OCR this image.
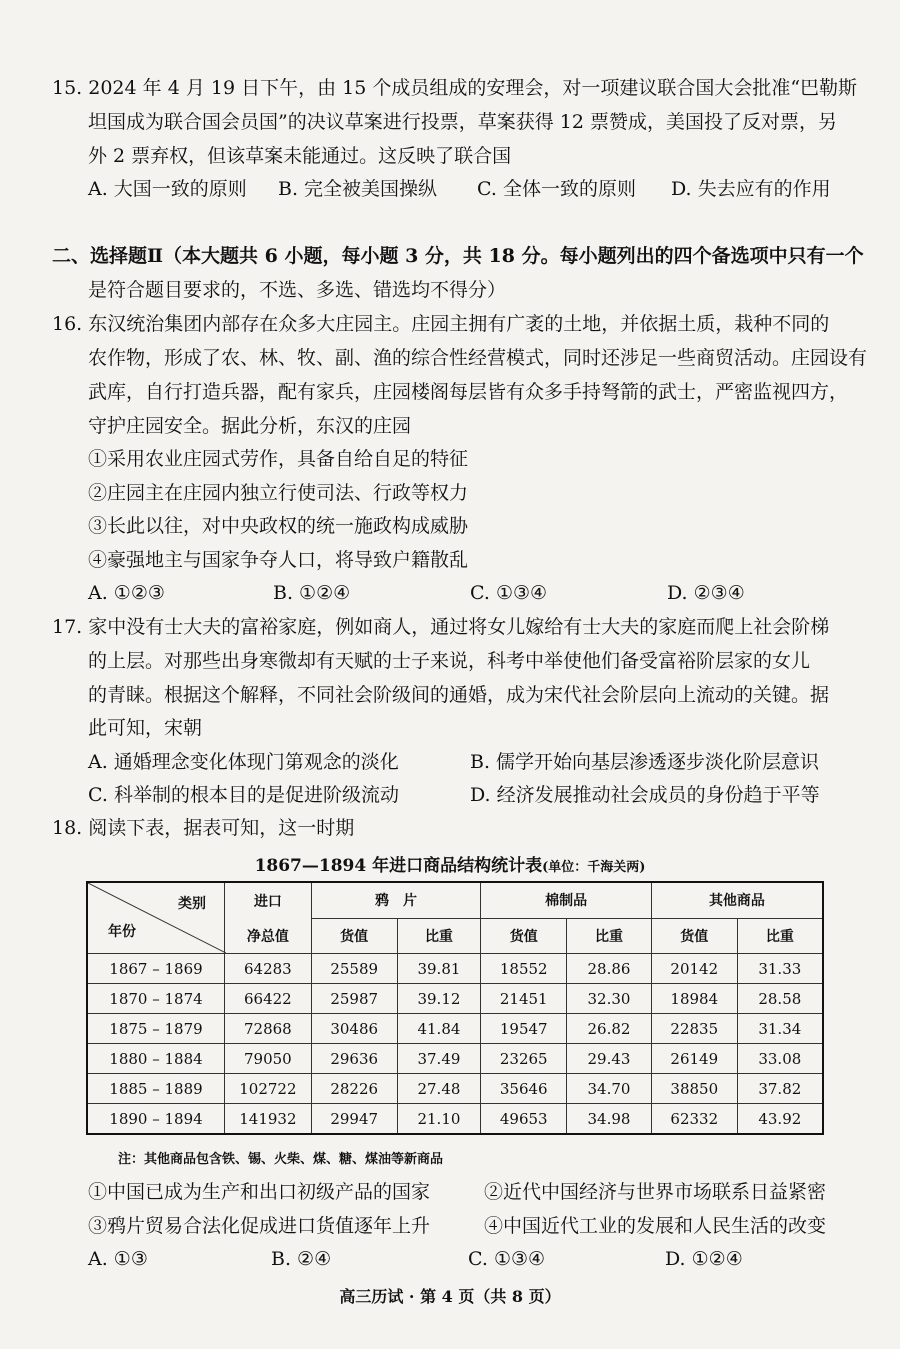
15. 2024 年 4 月 19 日下午，由 15 个成员组成的安理会，对一项建议联合国大会批准“巴勒斯
坦国成为联合国会员国”的决议草案进行投票，草案获得 12 票赞成，美国投了反对票，另
外 2 票弃权，但该草案未能通过。这反映了联合国
A. 大国一致的原则 B. 完全被美国操纵 C. 全体一致的原则 D. 失去应有的作用
二、选择题Ⅱ（本大题共 6 小题，每小题 3 分，共 18 分。每小题列出的四个备选项中只有一个
是符合题目要求的，不选、多选、错选均不得分）
16. 东汉统治集团内部存在众多大庄园主。庄园主拥有广袤的土地，并依据土质，栽种不同的
农作物，形成了农、林、牧、副、渔的综合性经营模式，同时还涉足一些商贸活动。庄园设有
武库，自行打造兵器，配有家兵，庄园楼阁每层皆有众多手持弩箭的武士，严密监视四方，
守护庄园安全。据此分析，东汉的庄园
①采用农业庄园式劳作，具备自给自足的特征
②庄园主在庄园内独立行使司法、行政等权力
③长此以往，对中央政权的统一施政构成威胁
④豪强地主与国家争夺人口，将导致户籍散乱
A. ①②③	B. ①②④	C. ①③④	D. ②③④
17. 家中没有士大夫的富裕家庭，例如商人，通过将女儿嫁给有士大夫的家庭而爬上社会阶梯
的上层。对那些出身寒微却有天赋的士子来说，科考中举使他们备受富裕阶层家的女儿
的青睐。根据这个解释，不同社会阶级间的通婚，成为宋代社会阶层向上流动的关键。据
此可知，宋朝
A. 通婚理念变化体现门第观念的淡化	B. 儒学开始向基层渗透逐步淡化阶层意识
C. 科举制的根本目的是促进阶级流动	D. 经济发展推动社会成员的身份趋于平等
18. 阅读下表，据表可知，这一时期
1867—1894 年进口商品结构统计表(单位：千海关两)
类别
年份	进口	鸦　片		棉制品		其他商品	
	净总值	货值	比重	货值	比重	货值	比重
1867 – 1869	64283	25589	39.81	18552	28.86	20142	31.33
1870 – 1874	66422	25987	39.12	21451	32.30	18984	28.58
1875 – 1879	72868	30486	41.84	19547	26.82	22835	31.34
1880 – 1884	79050	29636	37.49	23265	29.43	26149	33.08
1885 – 1889	102722	28226	27.48	35646	34.70	38850	37.82
1890 – 1894	141932	29947	21.10	49653	34.98	62332	43.92
注：其他商品包含铁、锡、火柴、煤、糖、煤油等新商品
①中国已成为生产和出口初级产品的国家	②近代中国经济与世界市场联系日益紧密
③鸦片贸易合法化促成进口货值逐年上升	④中国近代工业的发展和人民生活的改变
A. ①③	B. ②④	C. ①③④	D. ①②④
高三历试 · 第 4 页（共 8 页）
